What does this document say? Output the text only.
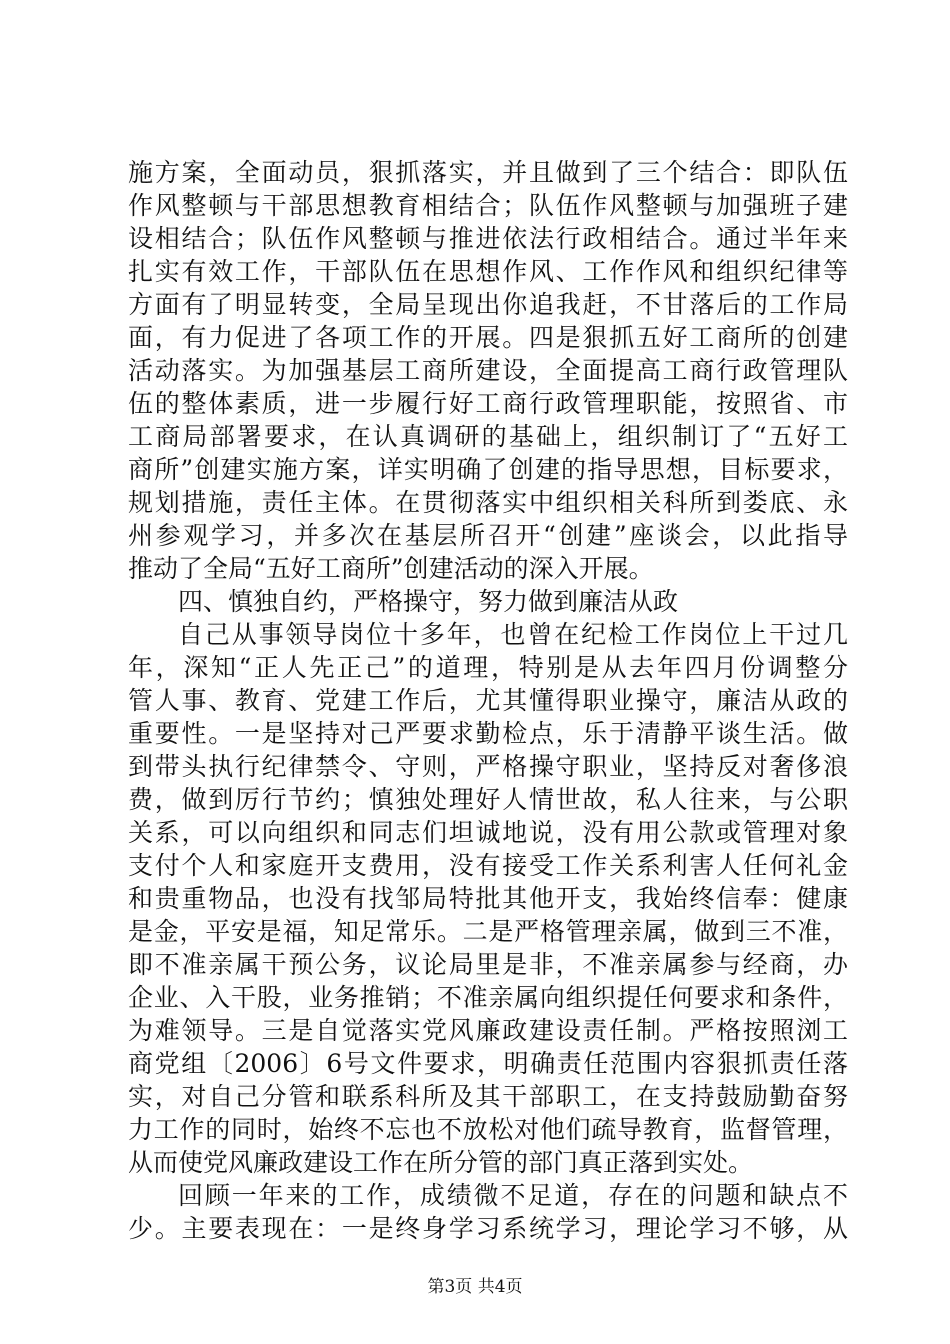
施方案，全面动员，狠抓落实，并且做到了三个结合：即队伍
作风整顿与干部思想教育相结合；队伍作风整顿与加强班子建
设相结合；队伍作风整顿与推进依法行政相结合。通过半年来
扎实有效工作，干部队伍在思想作风、工作作风和组织纪律等
方面有了明显转变，全局呈现出你追我赶，不甘落后的工作局
面，有力促进了各项工作的开展。四是狠抓五好工商所的创建
活动落实。为加强基层工商所建设，全面提高工商行政管理队
伍的整体素质，进一步履行好工商行政管理职能，按照省、市
工商局部署要求，在认真调研的基础上，组织制订了“五好工
商所”创建实施方案，详实明确了创建的指导思想，目标要求，
规划措施，责任主体。在贯彻落实中组织相关科所到娄底、永
州参观学习，并多次在基层所召开“创建”座谈会，以此指导
推动了全局“五好工商所”创建活动的深入开展。
四、慎独自约，严格操守，努力做到廉洁从政
自己从事领导岗位十多年，也曾在纪检工作岗位上干过几
年，深知“正人先正己”的道理，特别是从去年四月份调整分
管人事、教育、党建工作后，尤其懂得职业操守，廉洁从政的
重要性。一是坚持对己严要求勤检点，乐于清静平谈生活。做
到带头执行纪律禁令、守则，严格操守职业，坚持反对奢侈浪
费，做到厉行节约；慎独处理好人情世故，私人往来，与公职
关系，可以向组织和同志们坦诚地说，没有用公款或管理对象
支付个人和家庭开支费用，没有接受工作关系利害人任何礼金
和贵重物品，也没有找邹局特批其他开支，我始终信奉：健康
是金，平安是福，知足常乐。二是严格管理亲属，做到三不准，
即不准亲属干预公务，议论局里是非，不准亲属参与经商，办
企业、入干股，业务推销；不准亲属向组织提任何要求和条件，
为难领导。三是自觉落实党风廉政建设责任制。严格按照浏工
商党组〔2006〕6号文件要求，明确责任范围内容狠抓责任落
实，对自己分管和联系科所及其干部职工，在支持鼓励勤奋努
力工作的同时，始终不忘也不放松对他们疏导教育，监督管理，
从而使党风廉政建设工作在所分管的部门真正落到实处。
回顾一年来的工作，成绩微不足道，存在的问题和缺点不
少。主要表现在：一是终身学习系统学习，理论学习不够，从
第3页 共4页
